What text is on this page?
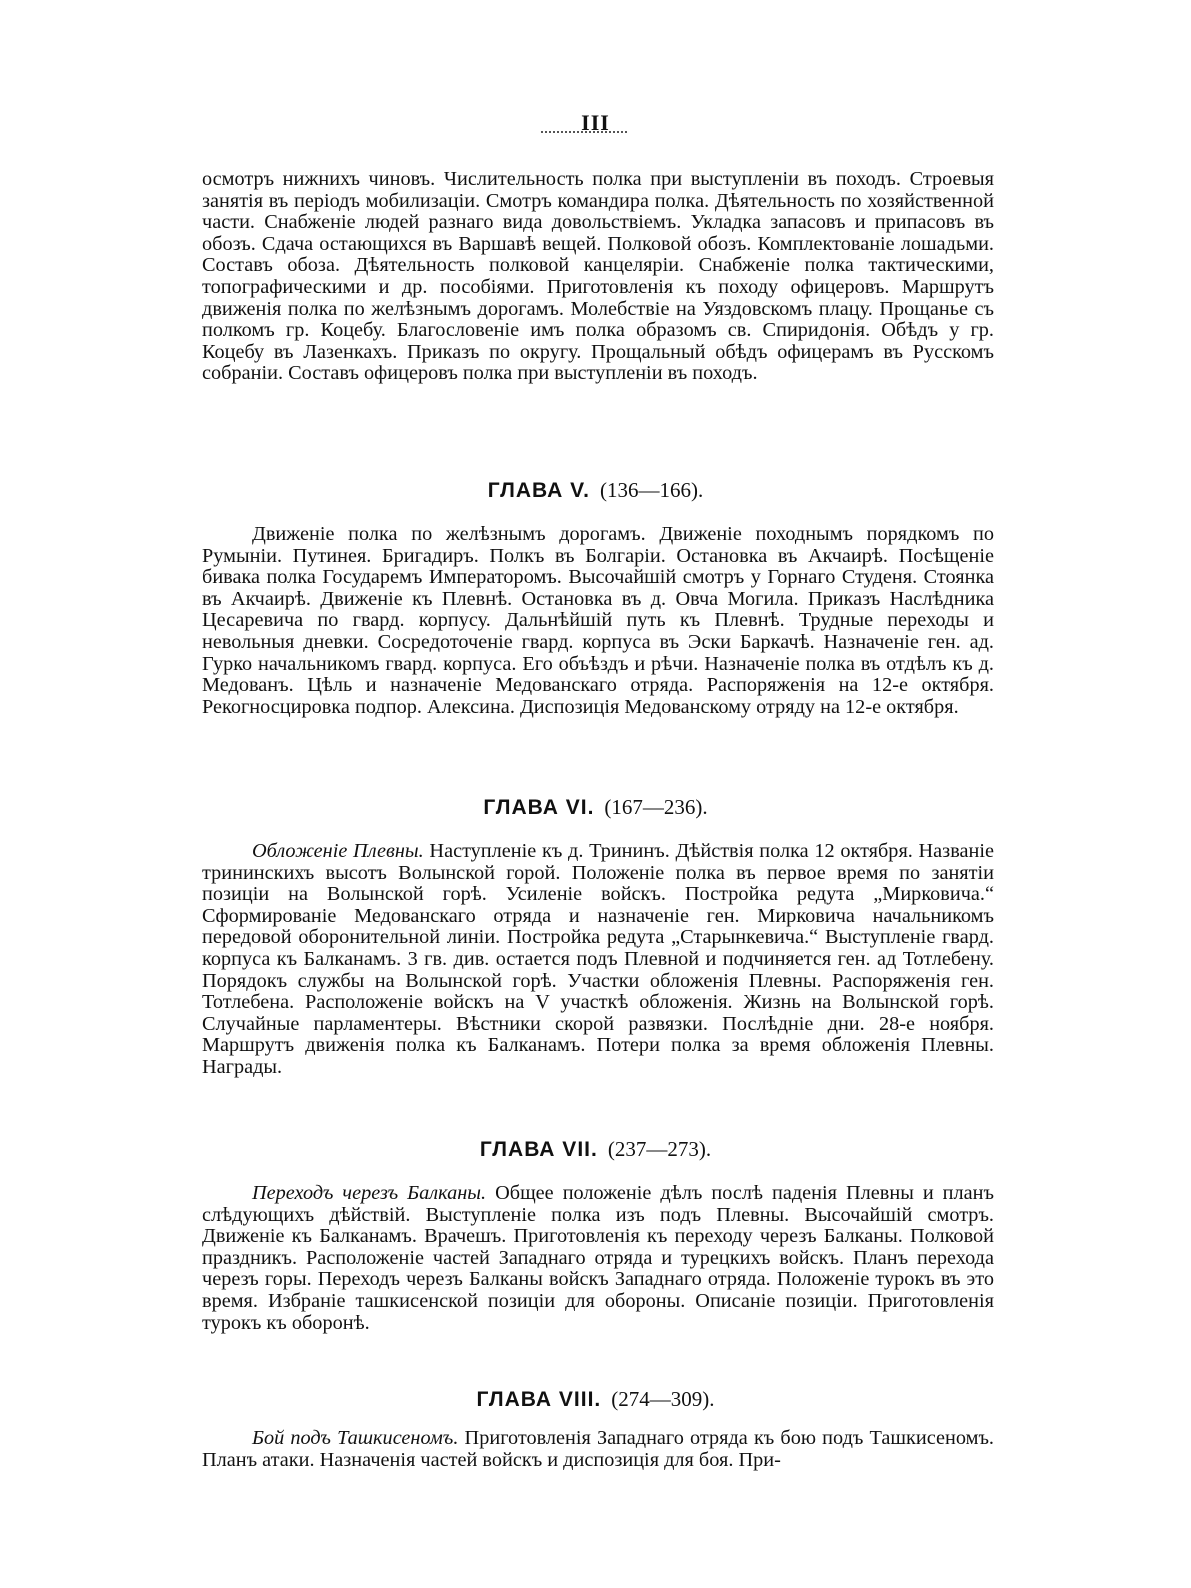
III

осмотръ нижнихъ чиновъ. Числительность полка при выступленіи въ походъ. Строевыя занятія въ періодъ мобилизаціи. Смотръ командира полка. Дѣятельность по хозяйственной части. Снабженіе людей разнаго вида довольствіемъ. Укладка запасовъ и припасовъ въ обозъ. Сдача остающихся въ Варшавѣ вещей. Полковой обозъ. Комплектованіе лошадьми. Составъ обоза. Дѣятельность полковой канцеляріи. Снабженіе полка тактическими, топографическими и др. пособіями. Приготовленія къ походу офицеровъ. Маршрутъ движенія полка по желѣзнымъ дорогамъ. Молебствіе на Уяздовскомъ плацу. Прощанье съ полкомъ гр. Коцебу. Благословеніе имъ полка образомъ св. Спиридонія. Обѣдъ у гр. Коцебу въ Лазенкахъ. Приказъ по округу. Прощальный обѣдъ офицерамъ въ Русскомъ собраніи. Составъ офицеровъ полка при выступленіи въ походъ.

ГЛАВА V. (136—166).

Движеніе полка по желѣзнымъ дорогамъ. Движеніе походнымъ порядкомъ по Румыніи. Путинея. Бригадиръ. Полкъ въ Болгаріи. Остановка въ Акчаирѣ. Посѣщеніе бивака полка Государемъ Императоромъ. Высочайшій смотръ у Горнаго Студеня. Стоянка въ Акчаирѣ. Движеніе къ Плевнѣ. Остановка въ д. Овча Могила. Приказъ Наслѣдника Цесаревича по гвард. корпусу. Дальнѣйшій путь къ Плевнѣ. Трудные переходы и невольныя дневки. Сосредоточеніе гвард. корпуса въ Эски Баркачѣ. Назначеніе ген. ад. Гурко начальникомъ гвард. корпуса. Его объѣздъ и рѣчи. Назначеніе полка въ отдѣлъ къ д. Медованъ. Цѣль и назначеніе Медованскаго отряда. Распоряженія на 12-е октября. Рекогносцировка подпор. Алексина. Диспозиція Медованскому отряду на 12-е октября.

ГЛАВА VI. (167—236).

Обложеніе Плевны. Наступленіе къ д. Трининъ. Дѣйствія полка 12 октября. Названіе трининскихъ высотъ Волынской горой. Положеніе полка въ первое время по занятіи позиціи на Волынской горѣ. Усиленіе войскъ. Постройка редута „Мирковича.“ Сформированіе Медованскаго отряда и назначеніе ген. Мирковича начальникомъ передовой оборонительной линіи. Постройка редута „Старынкевича.“ Выступленіе гвард. корпуса къ Балканамъ. 3 гв. див. остается подъ Плевной и подчиняется ген. ад Тотлебену. Порядокъ службы на Волынской горѣ. Участки обложенія Плевны. Распоряженія ген. Тотлебена. Расположеніе войскъ на V участкѣ обложенія. Жизнь на Волынской горѣ. Случайные парламентеры. Вѣстники скорой развязки. Послѣдніе дни. 28-е ноября. Маршрутъ движенія полка къ Балканамъ. Потери полка за время обложенія Плевны. Награды.

ГЛАВА VII. (237—273).

Переходъ черезъ Балканы. Общее положеніе дѣлъ послѣ паденія Плевны и планъ слѣдующихъ дѣйствій. Выступленіе полка изъ подъ Плевны. Высочайшій смотръ. Движеніе къ Балканамъ. Врачешъ. Приготовленія къ переходу черезъ Балканы. Полковой праздникъ. Расположеніе частей Западнаго отряда и турецкихъ войскъ. Планъ перехода черезъ горы. Переходъ черезъ Балканы войскъ Западнаго отряда. Положеніе турокъ въ это время. Избраніе ташкисенской позиціи для обороны. Описаніе позиціи. Приготовленія турокъ къ оборонѣ.

ГЛАВА VIII. (274—309).

Бой подъ Ташкисеномъ. Приготовленія Западнаго отряда къ бою подъ Ташкисеномъ. Планъ атаки. Назначенія частей войскъ и диспозиція для боя. При-
